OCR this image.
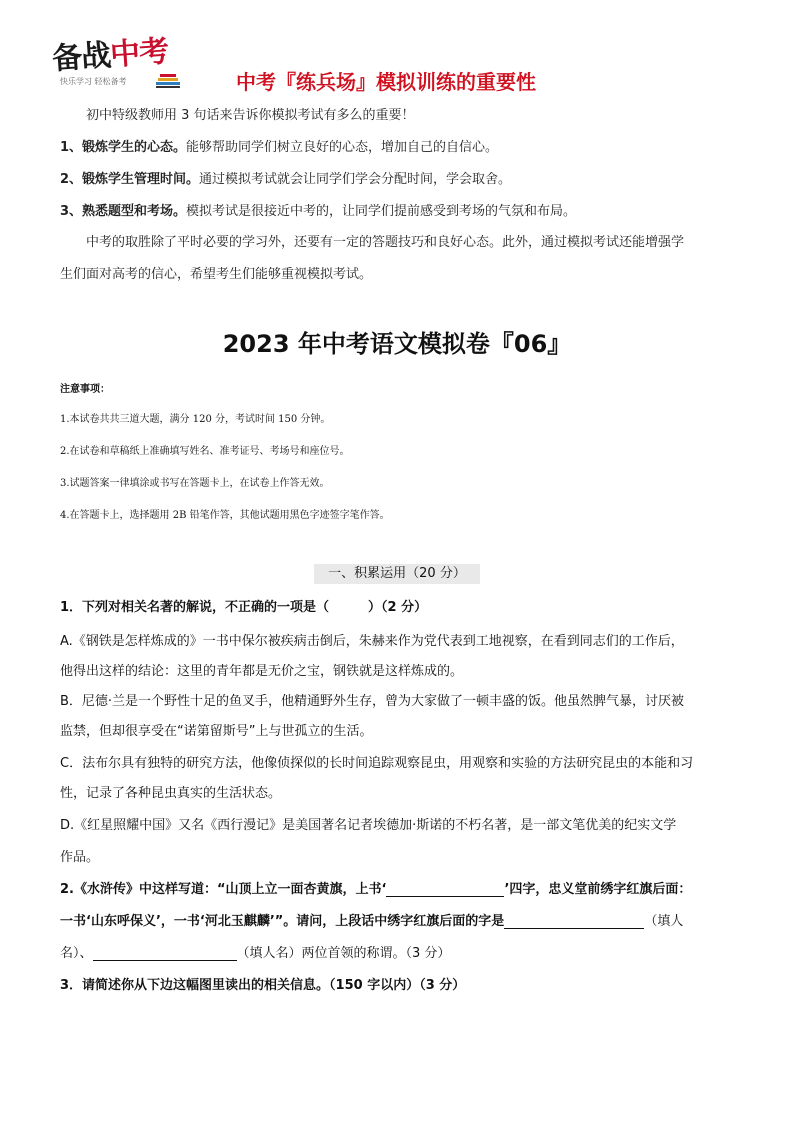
备战中考
快乐学习 轻松备考	中考『练兵场』模拟训练的重要性
初中特级教师用 3 句话来告诉你模拟考试有多么的重要！
1、锻炼学生的心态。能够帮助同学们树立良好的心态，增加自己的自信心。
2、锻炼学生管理时间。通过模拟考试就会让同学们学会分配时间，学会取舍。
3、熟悉题型和考场。模拟考试是很接近中考的，让同学们提前感受到考场的气氛和布局。
中考的取胜除了平时必要的学习外，还要有一定的答题技巧和良好心态。此外，通过模拟考试还能增强学
生们面对高考的信心，希望考生们能够重视模拟考试。
2023 年中考语文模拟卷『06』
注意事项：
1.本试卷共共三道大题，满分 120 分，考试时间 150 分钟。
2.在试卷和草稿纸上准确填写姓名、准考证号、考场号和座位号。
3.试题答案一律填涂或书写在答题卡上，在试卷上作答无效。
4.在答题卡上，选择题用 2B 铅笔作答，其他试题用黑色字迹签字笔作答。
一、积累运用（20 分）
1．下列对相关名著的解说，不正确的一项是（　　　）（2 分）
A.《钢铁是怎样炼成的》一书中保尔被疾病击倒后，朱赫来作为党代表到工地视察，在看到同志们的工作后，
他得出这样的结论：这里的青年都是无价之宝，钢铁就是这样炼成的。
B．尼德·兰是一个野性十足的鱼叉手，他精通野外生存，曾为大家做了一顿丰盛的饭。他虽然脾气暴，讨厌被
监禁，但却很享受在“诺第留斯号”上与世孤立的生活。
C．法布尔具有独特的研究方法，他像侦探似的长时间追踪观察昆虫，用观察和实验的方法研究昆虫的本能和习
性，记录了各种昆虫真实的生活状态。
D.《红星照耀中国》又名《西行漫记》是美国著名记者埃德加·斯诺的不朽名著，是一部文笔优美的纪实文学
作品。
2.《水浒传》中这样写道：“山顶上立一面杏黄旗，上书‘	’四字，忠义堂前绣字红旗后面：
一书‘山东呼保义’，一书‘河北玉麒麟’”。请问，上段话中绣字红旗后面的字是	（填人
名）、	（填人名）两位首领的称谓。（3 分）
3．请简述你从下边这幅图里读出的相关信息。（150 字以内）（3 分）
